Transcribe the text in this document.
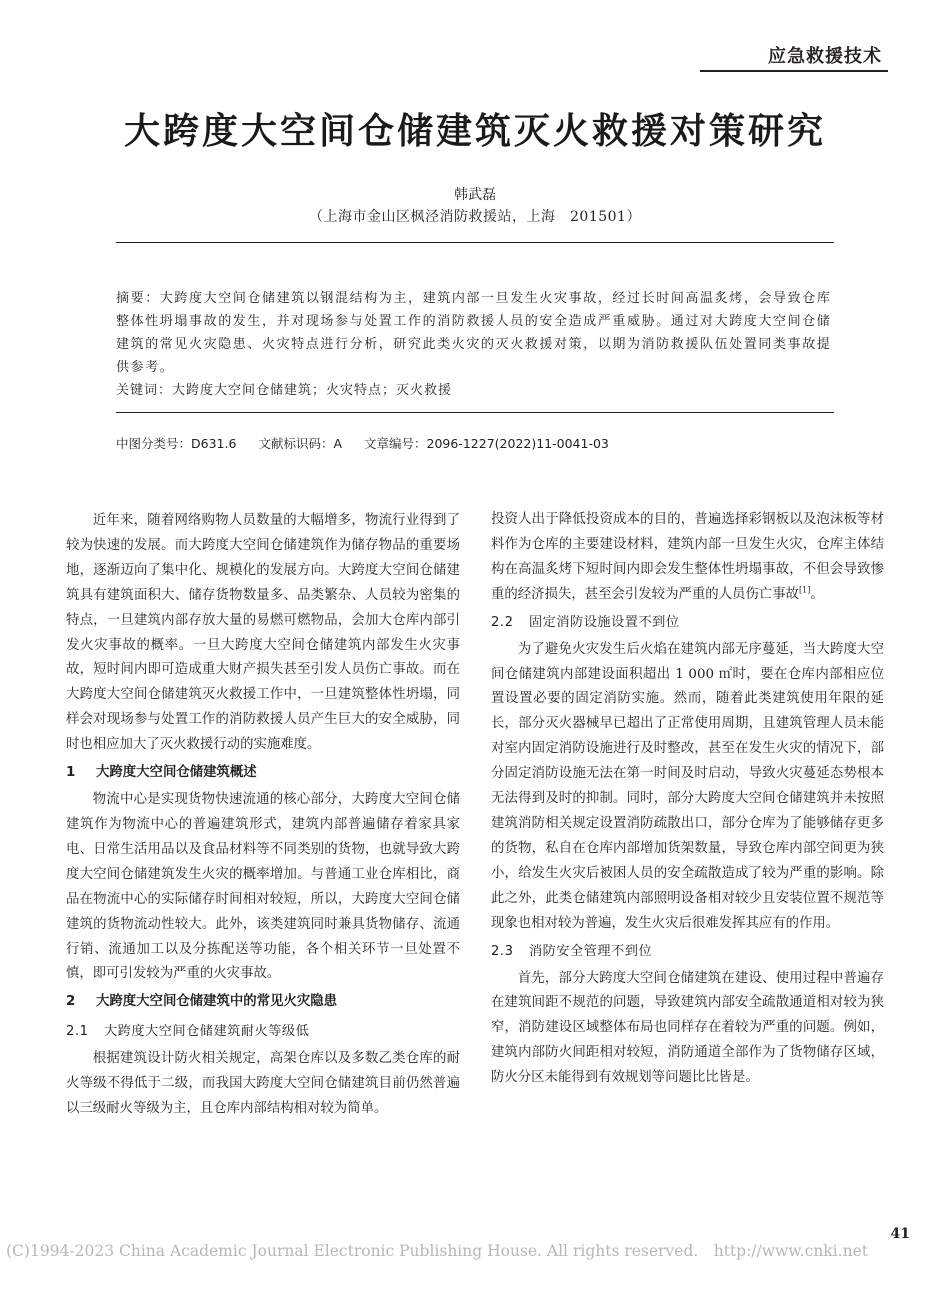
应急救援技术
大跨度大空间仓储建筑灭火救援对策研究
韩武磊
（上海市金山区枫泾消防救援站，上海　201501）
摘要：大跨度大空间仓储建筑以钢混结构为主，建筑内部一旦发生火灾事故，经过长时间高温炙烤，会导致仓库整体性坍塌事故的发生，并对现场参与处置工作的消防救援人员的安全造成严重威胁。通过对大跨度大空间仓储建筑的常见火灾隐患、火灾特点进行分析，研究此类火灾的灭火救援对策，以期为消防救援队伍处置同类事故提供参考。
关键词：大跨度大空间仓储建筑；火灾特点；灭火救援
中图分类号：D631.6 文献标识码：A 文章编号：2096-1227(2022)11-0041-03

近年来，随着网络购物人员数量的大幅增多，物流行业得到了较为快速的发展。而大跨度大空间仓储建筑作为储存物品的重要场地，逐渐迈向了集中化、规模化的发展方向。大跨度大空间仓储建筑具有建筑面积大、储存货物数量多、品类繁杂、人员较为密集的特点，一旦建筑内部存放大量的易燃可燃物品，会加大仓库内部引发火灾事故的概率。一旦大跨度大空间仓储建筑内部发生火灾事故，短时间内即可造成重大财产损失甚至引发人员伤亡事故。而在大跨度大空间仓储建筑灭火救援工作中，一旦建筑整体性坍塌，同样会对现场参与处置工作的消防救援人员产生巨大的安全威胁，同时也相应加大了灭火救援行动的实施难度。

1 大跨度大空间仓储建筑概述

物流中心是实现货物快速流通的核心部分，大跨度大空间仓储建筑作为物流中心的普遍建筑形式，建筑内部普遍储存着家具家电、日常生活用品以及食品材料等不同类别的货物，也就导致大跨度大空间仓储建筑发生火灾的概率增加。与普通工业仓库相比，商品在物流中心的实际储存时间相对较短，所以，大跨度大空间仓储建筑的货物流动性较大。此外，该类建筑同时兼具货物储存、流通行销、流通加工以及分拣配送等功能，各个相关环节一旦处置不慎，即可引发较为严重的火灾事故。

2 大跨度大空间仓储建筑中的常见火灾隐患
2.1 大跨度大空间仓储建筑耐火等级低

根据建筑设计防火相关规定，高架仓库以及多数乙类仓库的耐火等级不得低于二级，而我国大跨度大空间仓储建筑目前仍然普遍以三级耐火等级为主，且仓库内部结构相对较为简单。

投资人出于降低投资成本的目的，普遍选择彩钢板以及泡沫板等材料作为仓库的主要建设材料，建筑内部一旦发生火灾，仓库主体结构在高温炙烤下短时间内即会发生整体性坍塌事故，不但会导致惨重的经济损失，甚至会引发较为严重的人员伤亡事故[1]。

2.2 固定消防设施设置不到位

为了避免火灾发生后火焰在建筑内部无序蔓延，当大跨度大空间仓储建筑内部建设面积超出 1 000 ㎡时，要在仓库内部相应位置设置必要的固定消防实施。然而，随着此类建筑使用年限的延长，部分灭火器械早已超出了正常使用周期，且建筑管理人员未能对室内固定消防设施进行及时整改，甚至在发生火灾的情况下，部分固定消防设施无法在第一时间及时启动，导致火灾蔓延态势根本无法得到及时的抑制。同时，部分大跨度大空间仓储建筑并未按照建筑消防相关规定设置消防疏散出口，部分仓库为了能够储存更多的货物，私自在仓库内部增加货架数量，导致仓库内部空间更为狭小，给发生火灾后被困人员的安全疏散造成了较为严重的影响。除此之外，此类仓储建筑内部照明设备相对较少且安装位置不规范等现象也相对较为普遍，发生火灾后很难发挥其应有的作用。

2.3 消防安全管理不到位

首先，部分大跨度大空间仓储建筑在建设、使用过程中普遍存在建筑间距不规范的问题，导致建筑内部安全疏散通道相对较为狭窄，消防建设区域整体布局也同样存在着较为严重的问题。例如，建筑内部防火间距相对较短，消防通道全部作为了货物储存区域，防火分区未能得到有效规划等问题比比皆是。

(C)1994-2023 China Academic Journal Electronic Publishing House. All rights reserved.　http://www.cnki.net
41
